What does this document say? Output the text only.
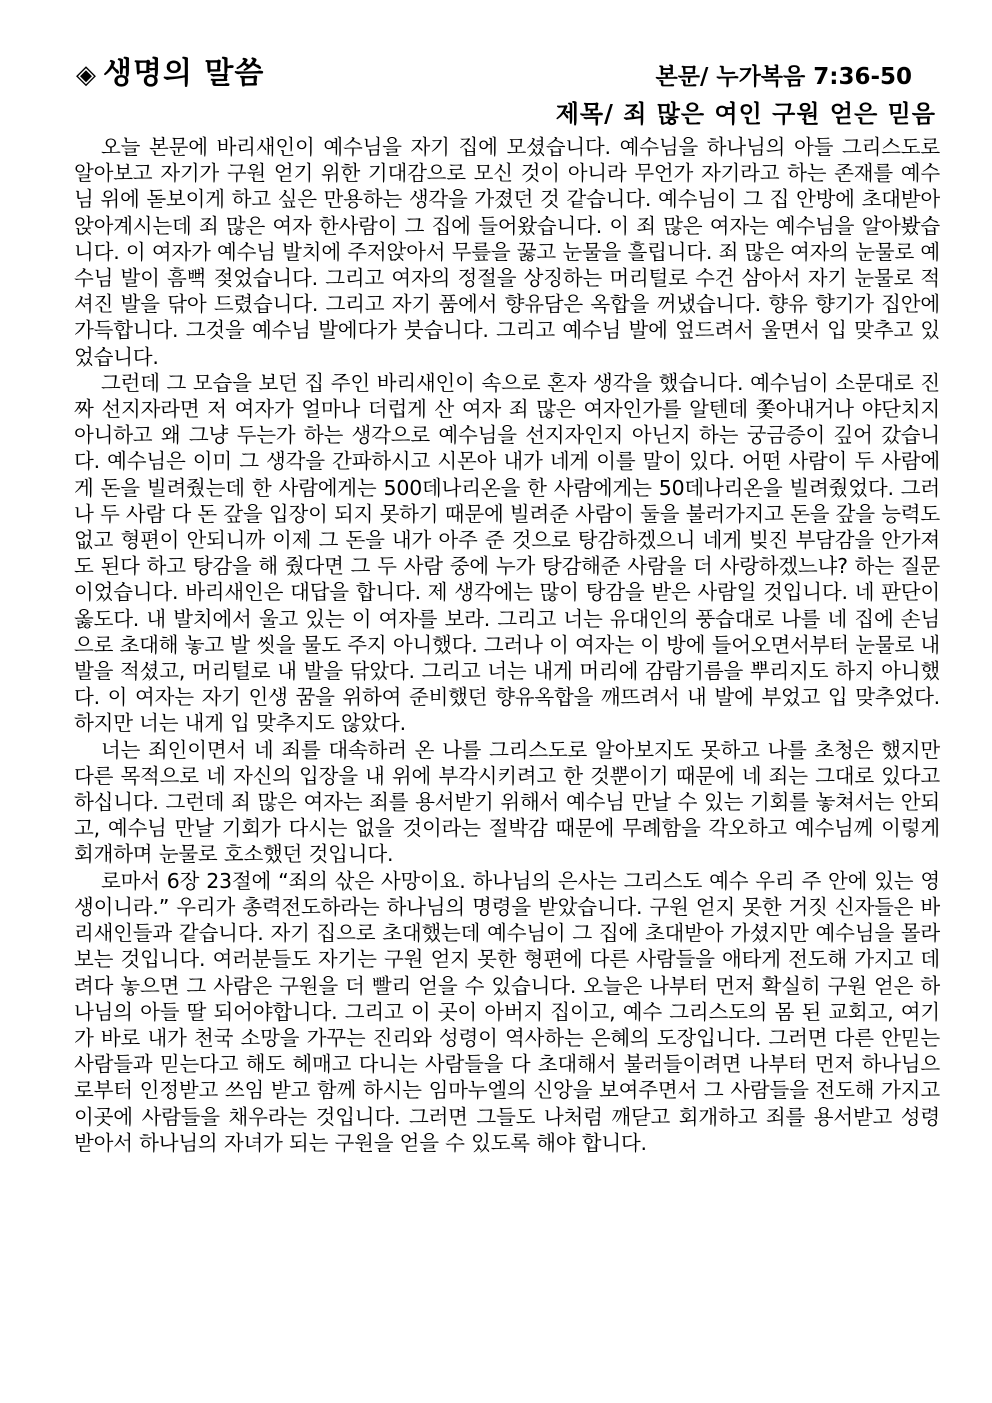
◈ 생명의 말씀	본문/ 누가복음 7:36-50
제목/ 죄 많은 여인 구원 얻은 믿음

오늘 본문에 바리새인이 예수님을 자기 집에 모셨습니다. 예수님을 하나님의 아들 그리스도로 알아보고 자기가 구원 얻기 위한 기대감으로 모신 것이 아니라 무언가 자기라고 하는 존재를 예수님 위에 돋보이게 하고 싶은 만용하는 생각을 가졌던 것 같습니다. 예수님이 그 집 안방에 초대받아 앉아계시는데 죄 많은 여자 한사람이 그 집에 들어왔습니다. 이 죄 많은 여자는 예수님을 알아봤습니다. 이 여자가 예수님 발치에 주저앉아서 무릎을 꿇고 눈물을 흘립니다. 죄 많은 여자의 눈물로 예수님 발이 흠뻑 젖었습니다. 그리고 여자의 정절을 상징하는 머리털로 수건 삼아서 자기 눈물로 적셔진 발을 닦아 드렸습니다. 그리고 자기 품에서 향유담은 옥합을 꺼냈습니다. 향유 향기가 집안에 가득합니다. 그것을 예수님 발에다가 붓습니다. 그리고 예수님 발에 엎드려서 울면서 입 맞추고 있었습니다.

그런데 그 모습을 보던 집 주인 바리새인이 속으로 혼자 생각을 했습니다. 예수님이 소문대로 진짜 선지자라면 저 여자가 얼마나 더럽게 산 여자 죄 많은 여자인가를 알텐데 쫓아내거나 야단치지 아니하고 왜 그냥 두는가 하는 생각으로 예수님을 선지자인지 아닌지 하는 궁금증이 깊어 갔습니다. 예수님은 이미 그 생각을 간파하시고 시몬아 내가 네게 이를 말이 있다. 어떤 사람이 두 사람에게 돈을 빌려줬는데 한 사람에게는 500데나리온을 한 사람에게는 50데나리온을 빌려줬었다. 그러나 두 사람 다 돈 갚을 입장이 되지 못하기 때문에 빌려준 사람이 둘을 불러가지고 돈을 갚을 능력도 없고 형편이 안되니까 이제 그 돈을 내가 아주 준 것으로 탕감하겠으니 네게 빚진 부담감을 안가져도 된다 하고 탕감을 해 줬다면 그 두 사람 중에 누가 탕감해준 사람을 더 사랑하겠느냐? 하는 질문이었습니다. 바리새인은 대답을 합니다. 제 생각에는 많이 탕감을 받은 사람일 것입니다. 네 판단이 옳도다. 내 발치에서 울고 있는 이 여자를 보라. 그리고 너는 유대인의 풍습대로 나를 네 집에 손님으로 초대해 놓고 발 씻을 물도 주지 아니했다. 그러나 이 여자는 이 방에 들어오면서부터 눈물로 내 발을 적셨고, 머리털로 내 발을 닦았다. 그리고 너는 내게 머리에 감람기름을 뿌리지도 하지 아니했다. 이 여자는 자기 인생 꿈을 위하여 준비했던 향유옥합을 깨뜨려서 내 발에 부었고 입 맞추었다. 하지만 너는 내게 입 맞추지도 않았다.

너는 죄인이면서 네 죄를 대속하러 온 나를 그리스도로 알아보지도 못하고 나를 초청은 했지만 다른 목적으로 네 자신의 입장을 내 위에 부각시키려고 한 것뿐이기 때문에 네 죄는 그대로 있다고 하십니다. 그런데 죄 많은 여자는 죄를 용서받기 위해서 예수님 만날 수 있는 기회를 놓쳐서는 안되고, 예수님 만날 기회가 다시는 없을 것이라는 절박감 때문에 무례함을 각오하고 예수님께 이렇게 회개하며 눈물로 호소했던 것입니다.

로마서 6장 23절에 “죄의 삯은 사망이요. 하나님의 은사는 그리스도 예수 우리 주 안에 있는 영생이니라.” 우리가 총력전도하라는 하나님의 명령을 받았습니다. 구원 얻지 못한 거짓 신자들은 바리새인들과 같습니다. 자기 집으로 초대했는데 예수님이 그 집에 초대받아 가셨지만 예수님을 몰라보는 것입니다. 여러분들도 자기는 구원 얻지 못한 형편에 다른 사람들을 애타게 전도해 가지고 데려다 놓으면 그 사람은 구원을 더 빨리 얻을 수 있습니다. 오늘은 나부터 먼저 확실히 구원 얻은 하나님의 아들 딸 되어야합니다. 그리고 이 곳이 아버지 집이고, 예수 그리스도의 몸 된 교회고, 여기가 바로 내가 천국 소망을 가꾸는 진리와 성령이 역사하는 은혜의 도장입니다. 그러면 다른 안믿는 사람들과 믿는다고 해도 헤매고 다니는 사람들을 다 초대해서 불러들이려면 나부터 먼저 하나님으로부터 인정받고 쓰임 받고 함께 하시는 임마누엘의 신앙을 보여주면서 그 사람들을 전도해 가지고 이곳에 사람들을 채우라는 것입니다. 그러면 그들도 나처럼 깨닫고 회개하고 죄를 용서받고 성령 받아서 하나님의 자녀가 되는 구원을 얻을 수 있도록 해야 합니다.
